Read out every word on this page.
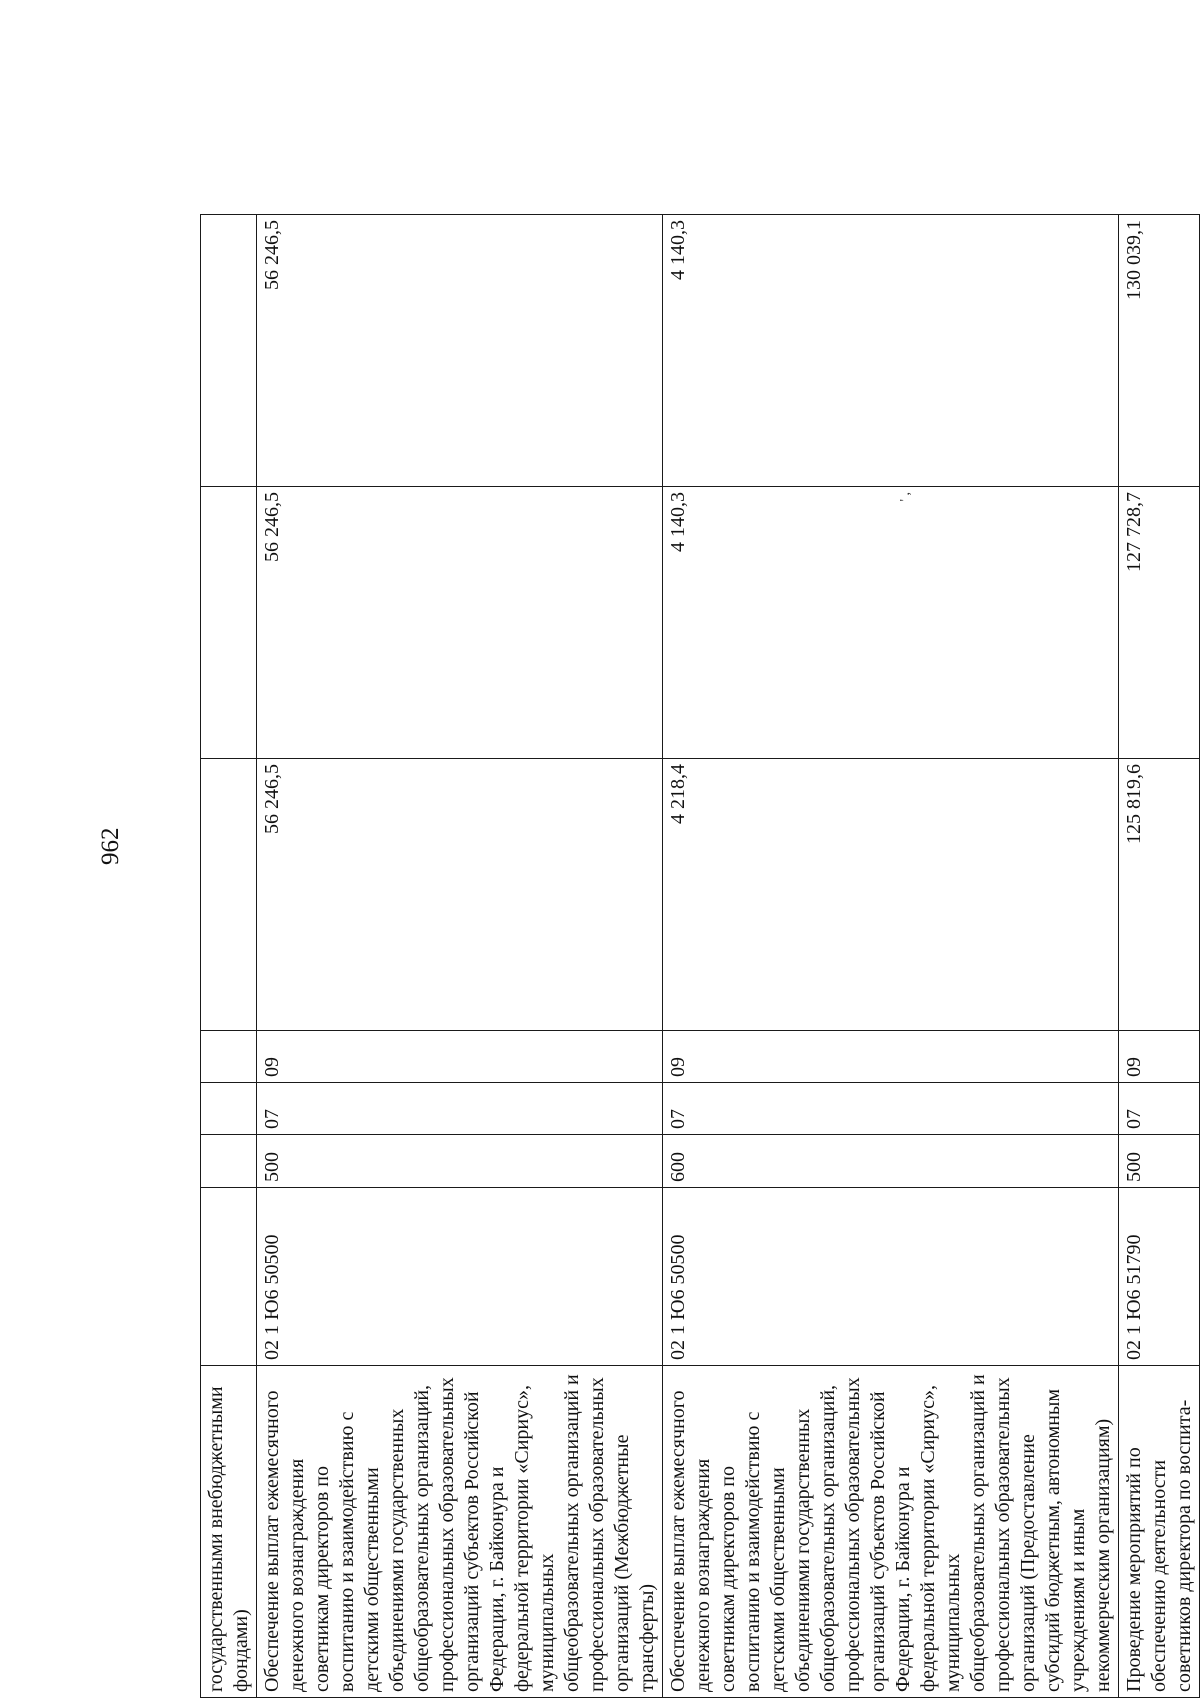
962
государственными внебюджетными фондами)							
Обеспечение выплат ежемесячного денежного вознаграждения советникам директоров по воспитанию и взаимодействию с детскими общественными объединениями государственных общеобразовательных организаций, профессиональных образовательных организаций субъектов Российской Федерации, г. Байконура и федеральной территории «Сириус», муниципальных общеобразовательных организаций и профессиональных образовательных организаций (Межбюджетные трансферты)	02 1 Ю6 50500	500	07	09	56 246,5	56 246,5	56 246,5
Обеспечение выплат ежемесячного денежного вознаграждения советникам директоров по воспитанию и взаимодействию с детскими общественными объединениями государственных общеобразовательных организаций, профессиональных образовательных организаций субъектов Российской Федерации, г. Байконура и федеральной территории «Сириус», муниципальных общеобразовательных организаций и профессиональных образовательных организаций (Предоставление субсидий бюджетным, автономным учреждениям и иным некоммерческим организациям)	02 1 Ю6 50500	600	07	09	4 218,4	4 140,3 ' ,	4 140,3
Проведение мероприятий по обеспечению деятельности советников директора по воспита-	02 1 Ю6 51790	500	07	09	125 819,6	127 728,7	130 039,1
